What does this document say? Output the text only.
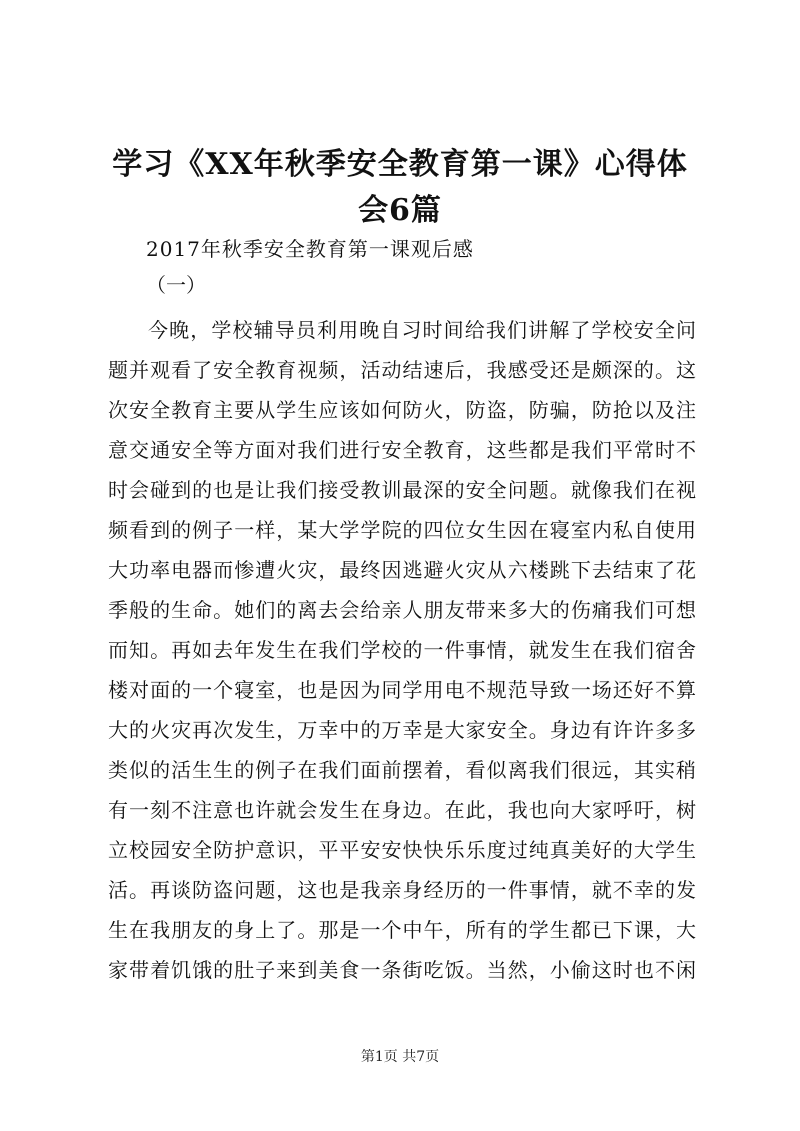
学习《XX年秋季安全教育第一课》心得体会6篇
2017年秋季安全教育第一课观后感
（一）
今晚，学校辅导员利用晚自习时间给我们讲解了学校安全问
题并观看了安全教育视频，活动结速后，我感受还是颇深的。这
次安全教育主要从学生应该如何防火，防盗，防骗，防抢以及注
意交通安全等方面对我们进行安全教育，这些都是我们平常时不
时会碰到的也是让我们接受教训最深的安全问题。就像我们在视
频看到的例子一样，某大学学院的四位女生因在寝室内私自使用
大功率电器而惨遭火灾，最终因逃避火灾从六楼跳下去结束了花
季般的生命。她们的离去会给亲人朋友带来多大的伤痛我们可想
而知。再如去年发生在我们学校的一件事情，就发生在我们宿舍
楼对面的一个寝室，也是因为同学用电不规范导致一场还好不算
大的火灾再次发生，万幸中的万幸是大家安全。身边有许许多多
类似的活生生的例子在我们面前摆着，看似离我们很远，其实稍
有一刻不注意也许就会发生在身边。在此，我也向大家呼吁，树
立校园安全防护意识，平平安安快快乐乐度过纯真美好的大学生
活。再谈防盗问题，这也是我亲身经历的一件事情，就不幸的发
生在我朋友的身上了。那是一个中午，所有的学生都已下课，大
家带着饥饿的肚子来到美食一条街吃饭。当然，小偷这时也不闲
第1页 共7页
